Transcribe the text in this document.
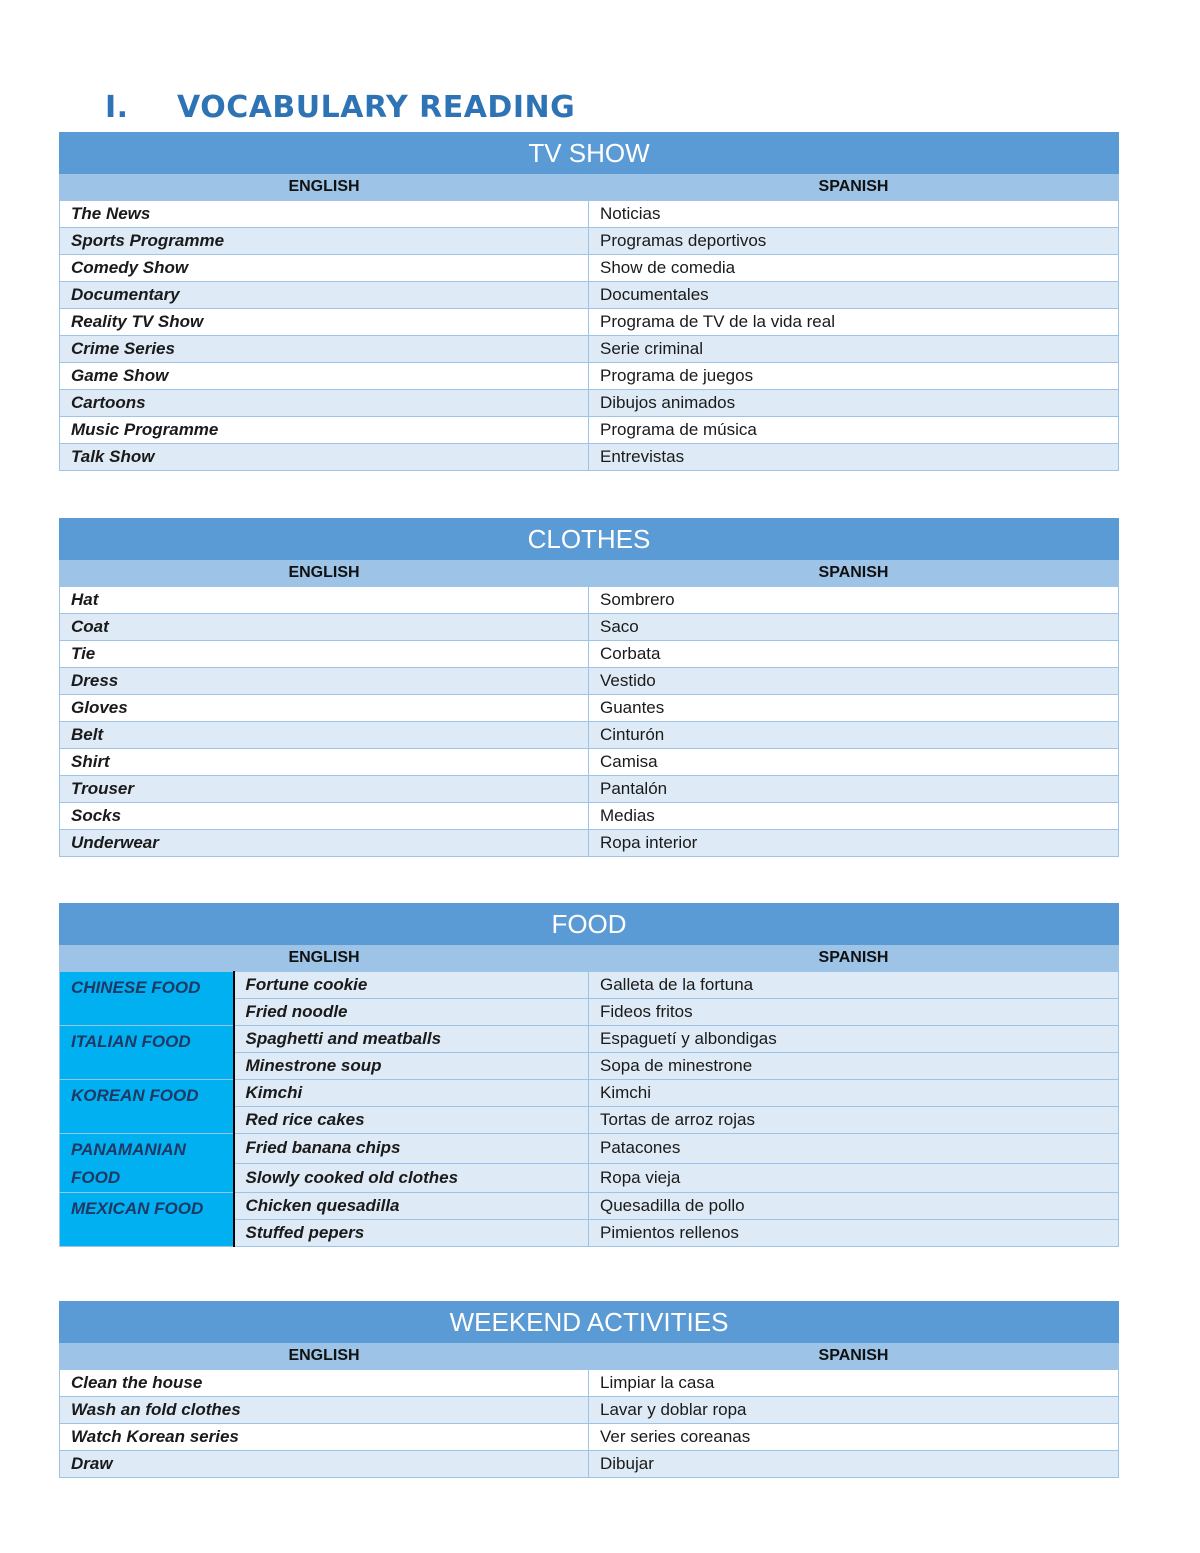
I. VOCABULARY READING
TV SHOW	
ENGLISH	SPANISH
The News	Noticias
Sports Programme	Programas deportivos
Comedy Show	Show de comedia
Documentary	Documentales
Reality TV Show	Programa de TV de la vida real
Crime Series	Serie criminal
Game Show	Programa de juegos
Cartoons	Dibujos animados
Music Programme	Programa de música
Talk Show	Entrevistas
CLOTHES	
ENGLISH	SPANISH
Hat	Sombrero
Coat	Saco
Tie	Corbata
Dress	Vestido
Gloves	Guantes
Belt	Cinturón
Shirt	Camisa
Trouser	Pantalón
Socks	Medias
Underwear	Ropa interior
FOOD		
ENGLISH		SPANISH
CHINESE FOOD	Fortune cookie	Galleta de la fortuna
	Fried noodle	Fideos fritos
ITALIAN FOOD	Spaghetti and meatballs	Espaguetí y albondigas
	Minestrone soup	Sopa de minestrone
KOREAN FOOD	Kimchi	Kimchi
	Red rice cakes	Tortas de arroz rojas
PANAMANIAN FOOD	Fried banana chips	Patacones
	Slowly cooked old clothes	Ropa vieja
MEXICAN FOOD	Chicken quesadilla	Quesadilla de pollo
	Stuffed pepers	Pimientos rellenos
WEEKEND ACTIVITIES	
ENGLISH	SPANISH
Clean the house	Limpiar la casa
Wash an fold clothes	Lavar y doblar ropa
Watch Korean series	Ver series coreanas
Draw	Dibujar
